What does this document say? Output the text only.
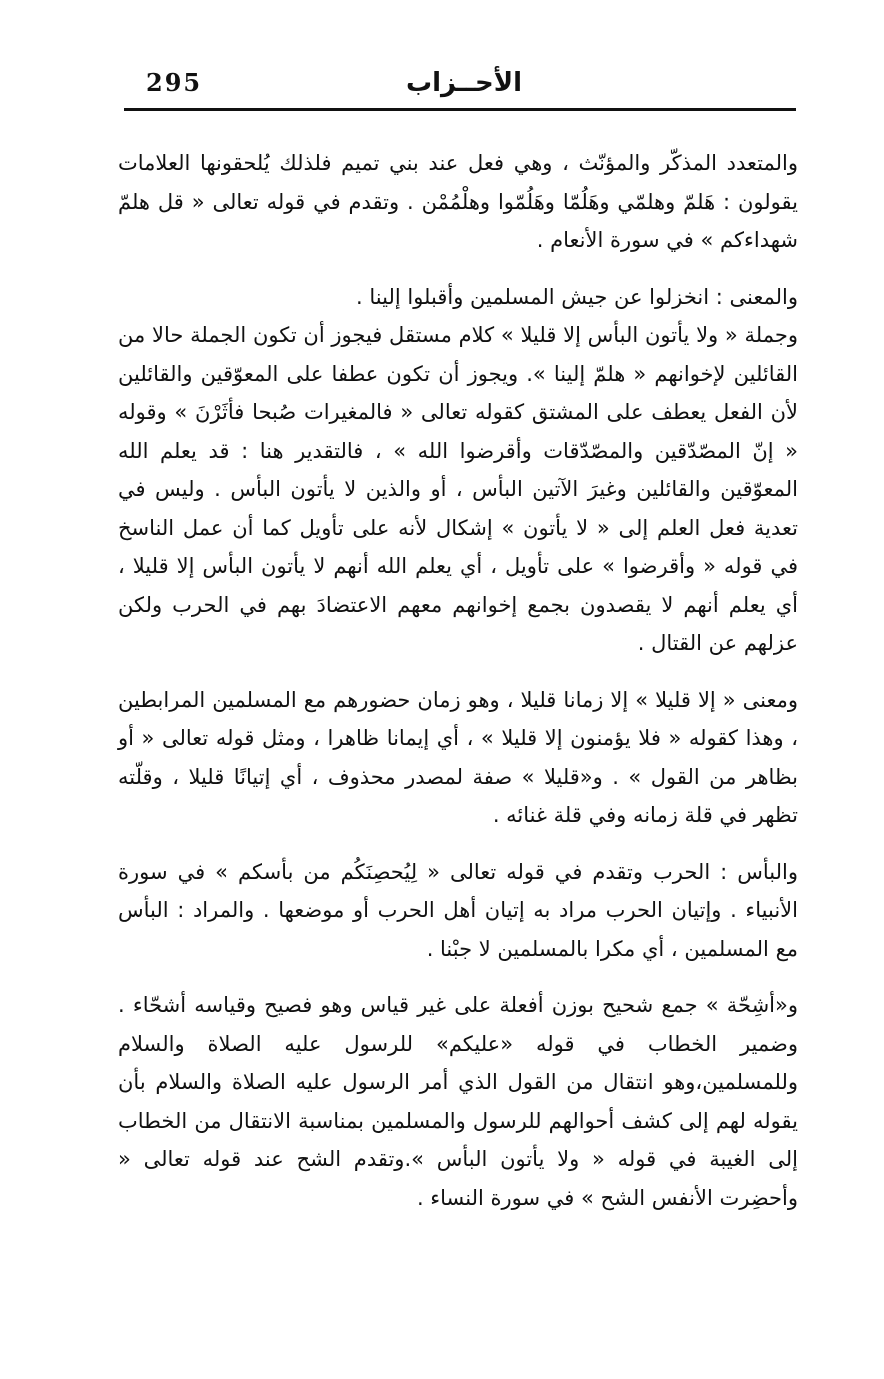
295	الأحــزاب

والمتعدد المذكّر والمؤنّث ، وهي فعل عند بني تميم فلذلك يُلحقونها العلامات يقولون : هَلمّ وهلمّي وهَلُمّا وهَلُمّوا وهلْمُمْن . وتقدم في قوله تعالى « قل هلمّ شهداءكم » في سورة الأنعام .

والمعنى : انخزلوا عن جيش المسلمين وأقبلوا إلينا .

وجملة « ولا يأتون البأس إلا قليلا » كلام مستقل فيجوز أن تكون الجملة حالا من القائلين لإخوانهم « هلمّ إلينا ». ويجوز أن تكون عطفا على المعوّقين والقائلين لأن الفعل يعطف على المشتق كقوله تعالى « فالمغيرات صُبحا فأثَرْنَ » وقوله « إنّ المصّدّقين والمصّدّقات وأقرضوا الله » ، فالتقدير هنا : قد يعلم الله المعوّقين والقائلين وغيرَ الآتين البأس ، أو والذين لا يأتون البأس . وليس في تعدية فعل العلم إلى « لا يأتون » إشكال لأنه على تأويل كما أن عمل الناسخ في قوله « وأقرضوا » على تأويل ، أي يعلم الله أنهم لا يأتون البأس إلا قليلا ، أي يعلم أنهم لا يقصدون بجمع إخوانهم معهم الاعتضادَ بهم في الحرب ولكن عزلهم عن القتال .

ومعنى « إلا قليلا » إلا زمانا قليلا ، وهو زمان حضورهم مع المسلمين المرابطين ، وهذا كقوله « فلا يؤمنون إلا قليلا » ، أي إيمانا ظاهرا ، ومثل قوله تعالى « أو بظاهر من القول » . و«قليلا » صفة لمصدر محذوف ، أي إتيانًا قليلا ، وقلّته تظهر في قلة زمانه وفي قلة غنائه .

والبأس : الحرب وتقدم في قوله تعالى « لِيُحصِنَكُم من بأسكم » في سورة الأنبياء . وإتيان الحرب مراد به إتيان أهل الحرب أو موضعها . والمراد : البأس مع المسلمين ، أي مكرا بالمسلمين لا جبْنا .

و«أشِحّة » جمع شحيح بوزن أفعلة على غير قياس وهو فصيح وقياسه أشحّاء . وضمير الخطاب في قوله «عليكم» للرسول عليه الصلاة والسلام وللمسلمين،وهو انتقال من القول الذي أمر الرسول عليه الصلاة والسلام بأن يقوله لهم إلى كشف أحوالهم للرسول والمسلمين بمناسبة الانتقال من الخطاب إلى الغيبة في قوله « ولا يأتون البأس ».وتقدم الشح عند قوله تعالى « وأحضِرت الأنفس الشح » في سورة النساء .
